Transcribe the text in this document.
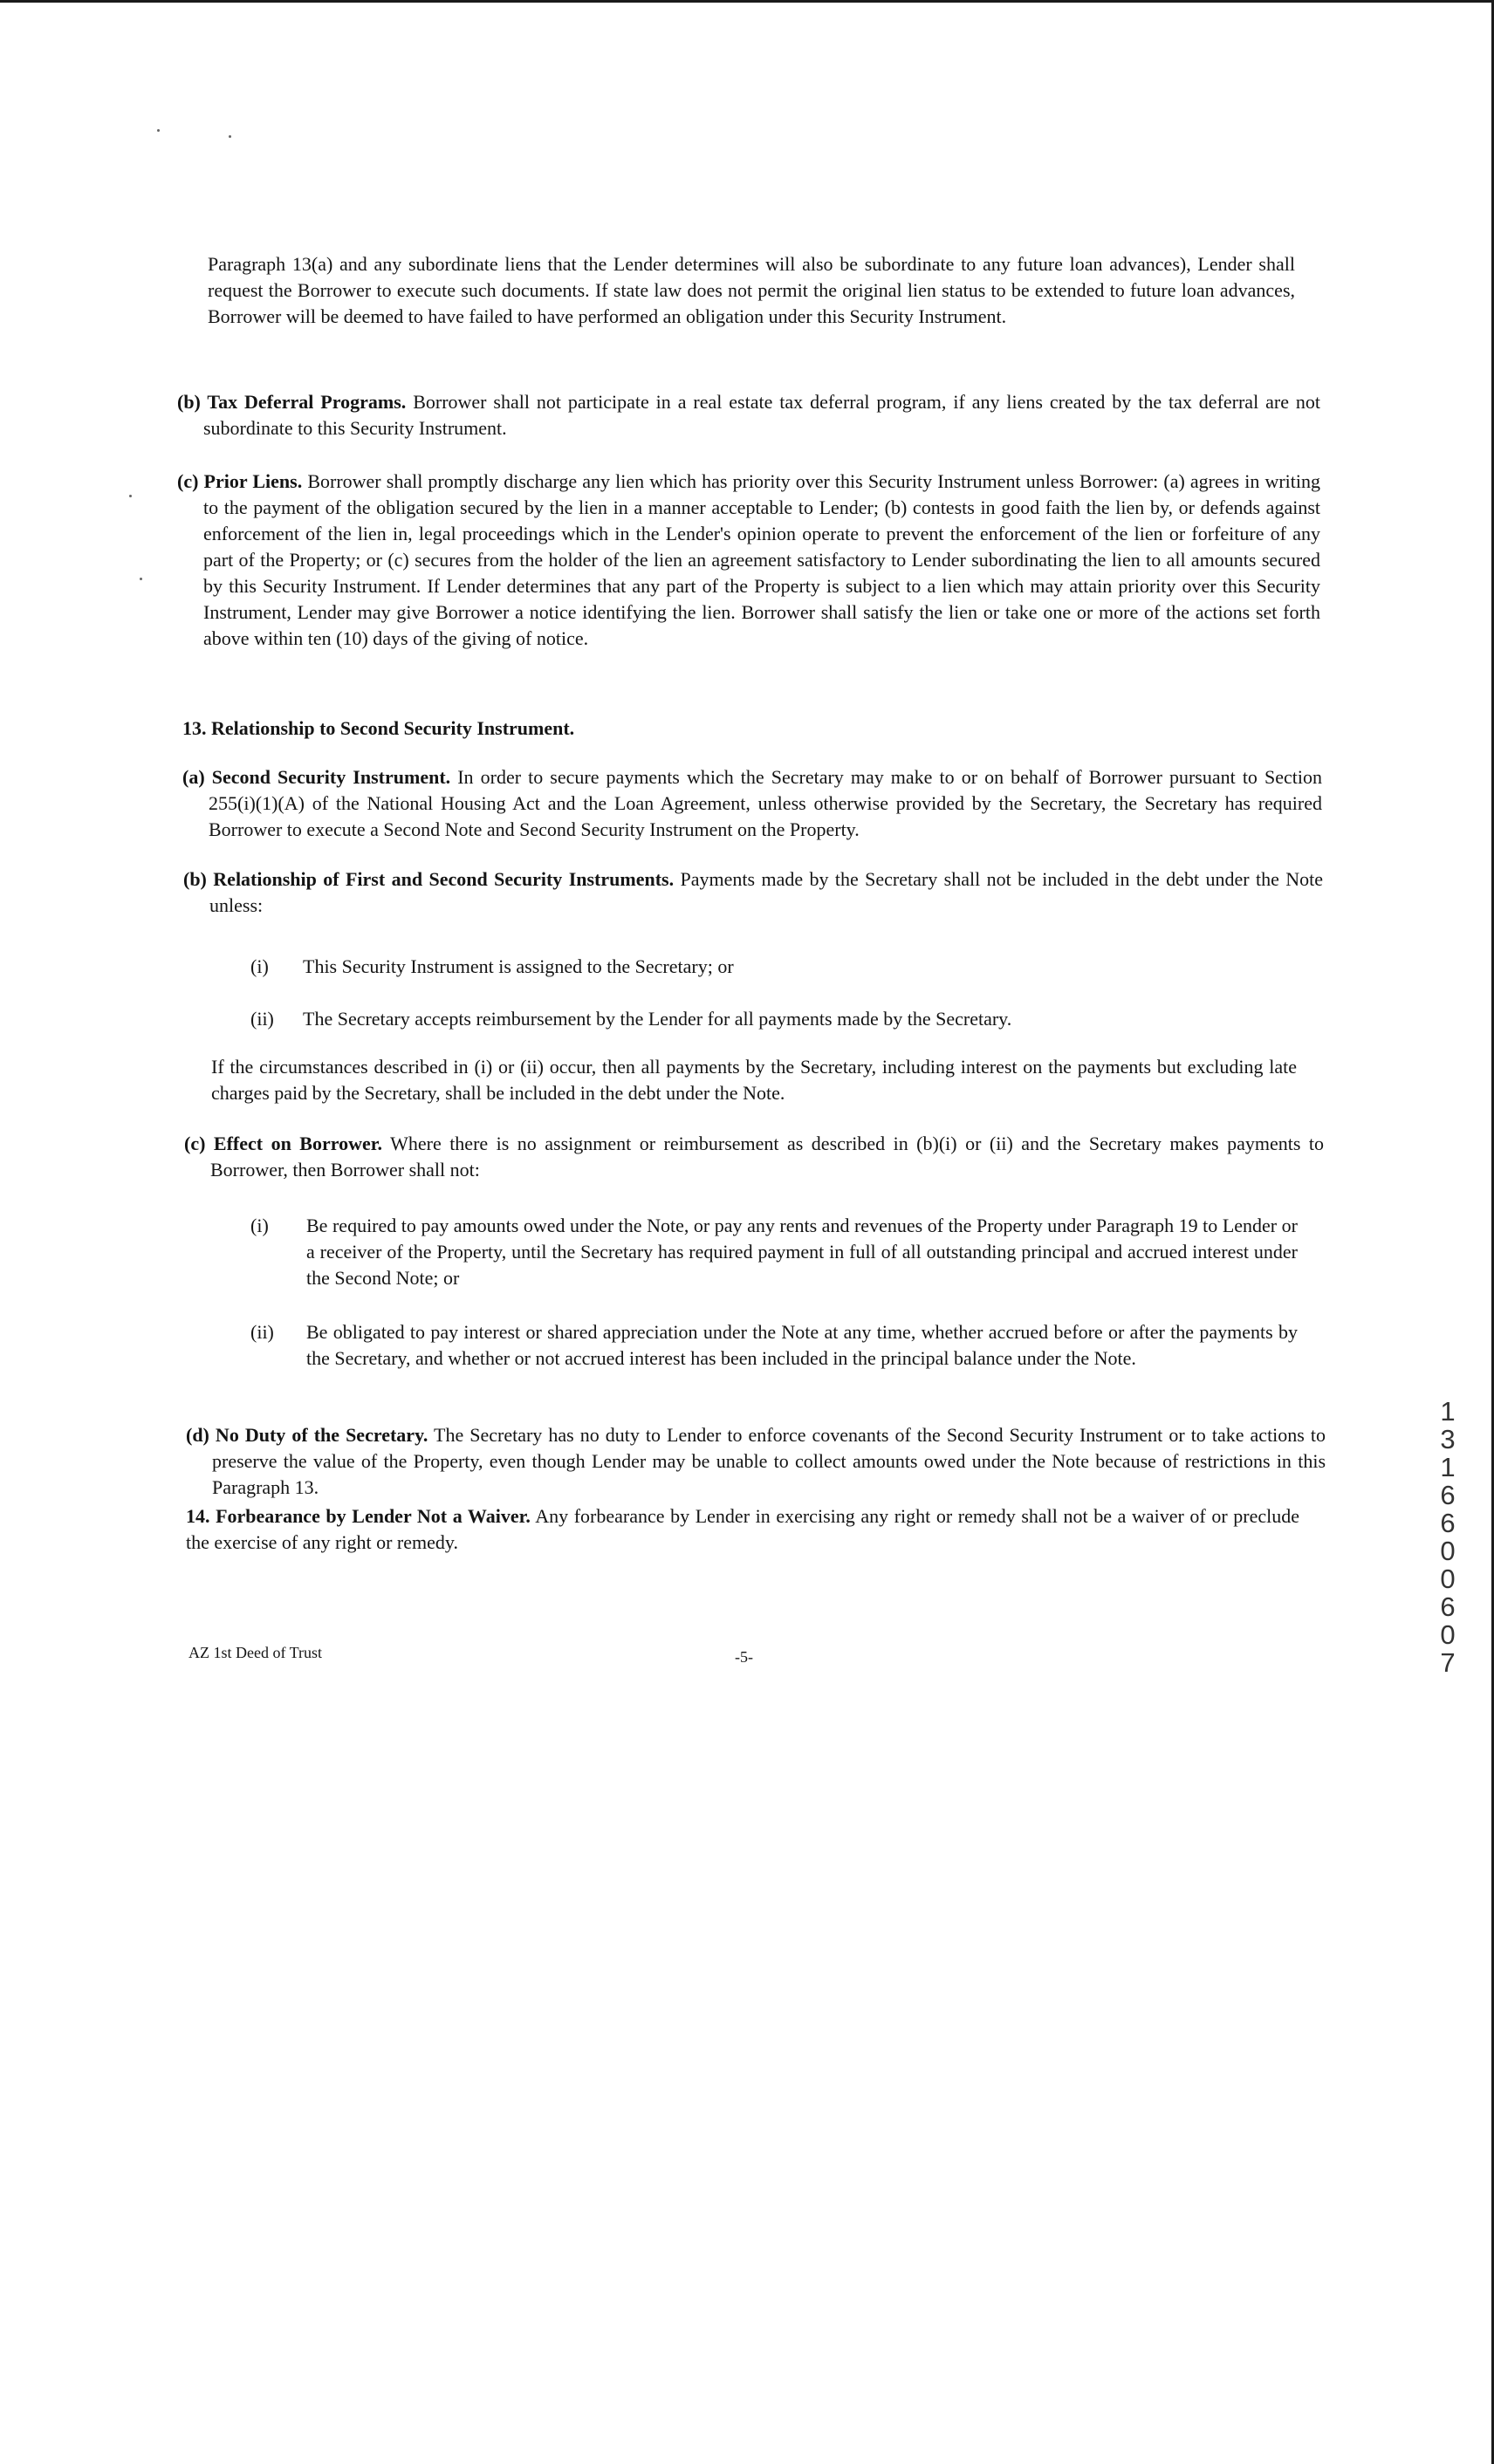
Paragraph 13(a) and any subordinate liens that the Lender determines will also be subordinate to any future loan advances), Lender shall request the Borrower to execute such documents. If state law does not permit the original lien status to be extended to future loan advances, Borrower will be deemed to have failed to have performed an obligation under this Security Instrument.

(b) Tax Deferral Programs. Borrower shall not participate in a real estate tax deferral program, if any liens created by the tax deferral are not subordinate to this Security Instrument.

(c) Prior Liens. Borrower shall promptly discharge any lien which has priority over this Security Instrument unless Borrower: (a) agrees in writing to the payment of the obligation secured by the lien in a manner acceptable to Lender; (b) contests in good faith the lien by, or defends against enforcement of the lien in, legal proceedings which in the Lender's opinion operate to prevent the enforcement of the lien or forfeiture of any part of the Property; or (c) secures from the holder of the lien an agreement satisfactory to Lender subordinating the lien to all amounts secured by this Security Instrument. If Lender determines that any part of the Property is subject to a lien which may attain priority over this Security Instrument, Lender may give Borrower a notice identifying the lien. Borrower shall satisfy the lien or take one or more of the actions set forth above within ten (10) days of the giving of notice.

13. Relationship to Second Security Instrument.

(a) Second Security Instrument. In order to secure payments which the Secretary may make to or on behalf of Borrower pursuant to Section 255(i)(1)(A) of the National Housing Act and the Loan Agreement, unless otherwise provided by the Secretary, the Secretary has required Borrower to execute a Second Note and Second Security Instrument on the Property.

(b) Relationship of First and Second Security Instruments. Payments made by the Secretary shall not be included in the debt under the Note unless:

(i) This Security Instrument is assigned to the Secretary; or

(ii) The Secretary accepts reimbursement by the Lender for all payments made by the Secretary.

If the circumstances described in (i) or (ii) occur, then all payments by the Secretary, including interest on the payments but excluding late charges paid by the Secretary, shall be included in the debt under the Note.

(c) Effect on Borrower. Where there is no assignment or reimbursement as described in (b)(i) or (ii) and the Secretary makes payments to Borrower, then Borrower shall not:

(i) Be required to pay amounts owed under the Note, or pay any rents and revenues of the Property under Paragraph 19 to Lender or a receiver of the Property, until the Secretary has required payment in full of all outstanding principal and accrued interest under the Second Note; or

(ii) Be obligated to pay interest or shared appreciation under the Note at any time, whether accrued before or after the payments by the Secretary, and whether or not accrued interest has been included in the principal balance under the Note.

(d) No Duty of the Secretary. The Secretary has no duty to Lender to enforce covenants of the Second Security Instrument or to take actions to preserve the value of the Property, even though Lender may be unable to collect amounts owed under the Note because of restrictions in this Paragraph 13.

14. Forbearance by Lender Not a Waiver. Any forbearance by Lender in exercising any right or remedy shall not be a waiver of or preclude the exercise of any right or remedy.

AZ 1st Deed of Trust	-5-

13166 00607
